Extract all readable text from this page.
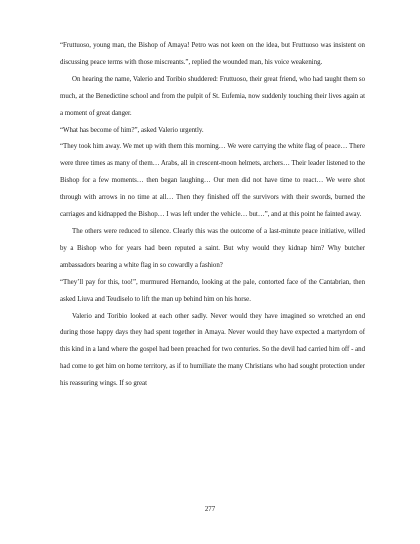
“Fruttuoso, young man, the Bishop of Amaya! Petro was not keen on the idea, but Fruttuoso was insistent on discussing peace terms with those miscreants.”, replied the wounded man, his voice weakening.

On hearing the name, Valerio and Toribio shuddered: Fruttuoso, their great friend, who had taught them so much, at the Benedictine school and from the pulpit of St. Eufemia, now suddenly touching their lives again at a moment of great danger.

“What has become of him?”, asked Valerio urgently.

“They took him away. We met up with them this morning… We were carrying the white flag of peace… There were three times as many of them… Arabs, all in crescent-moon helmets, archers… Their leader listened to the Bishop for a few moments… then began laughing… Our men did not have time to react… We were shot through with arrows in no time at all… Then they finished off the survivors with their swords, burned the carriages and kidnapped the Bishop… I was left under the vehicle… but…”, and at this point he fainted away.

The others were reduced to silence. Clearly this was the outcome of a last-minute peace initiative, willed by a Bishop who for years had been reputed a saint. But why would they kidnap him? Why butcher ambassadors bearing a white flag in so cowardly a fashion?

“They’ll pay for this, too!”, murmured Hernando, looking at the pale, contorted face of the Cantabrian, then asked Liuva and Teudiselo to lift the man up behind him on his horse.

Valerio and Toribio looked at each other sadly. Never would they have imagined so wretched an end during those happy days they had spent together in Amaya. Never would they have expected a martyrdom of this kind in a land where the gospel had been preached for two centuries. So the devil had carried him off - and had come to get him on home territory, as if to humiliate the many Christians who had sought protection under his reassuring wings. If so great

277
